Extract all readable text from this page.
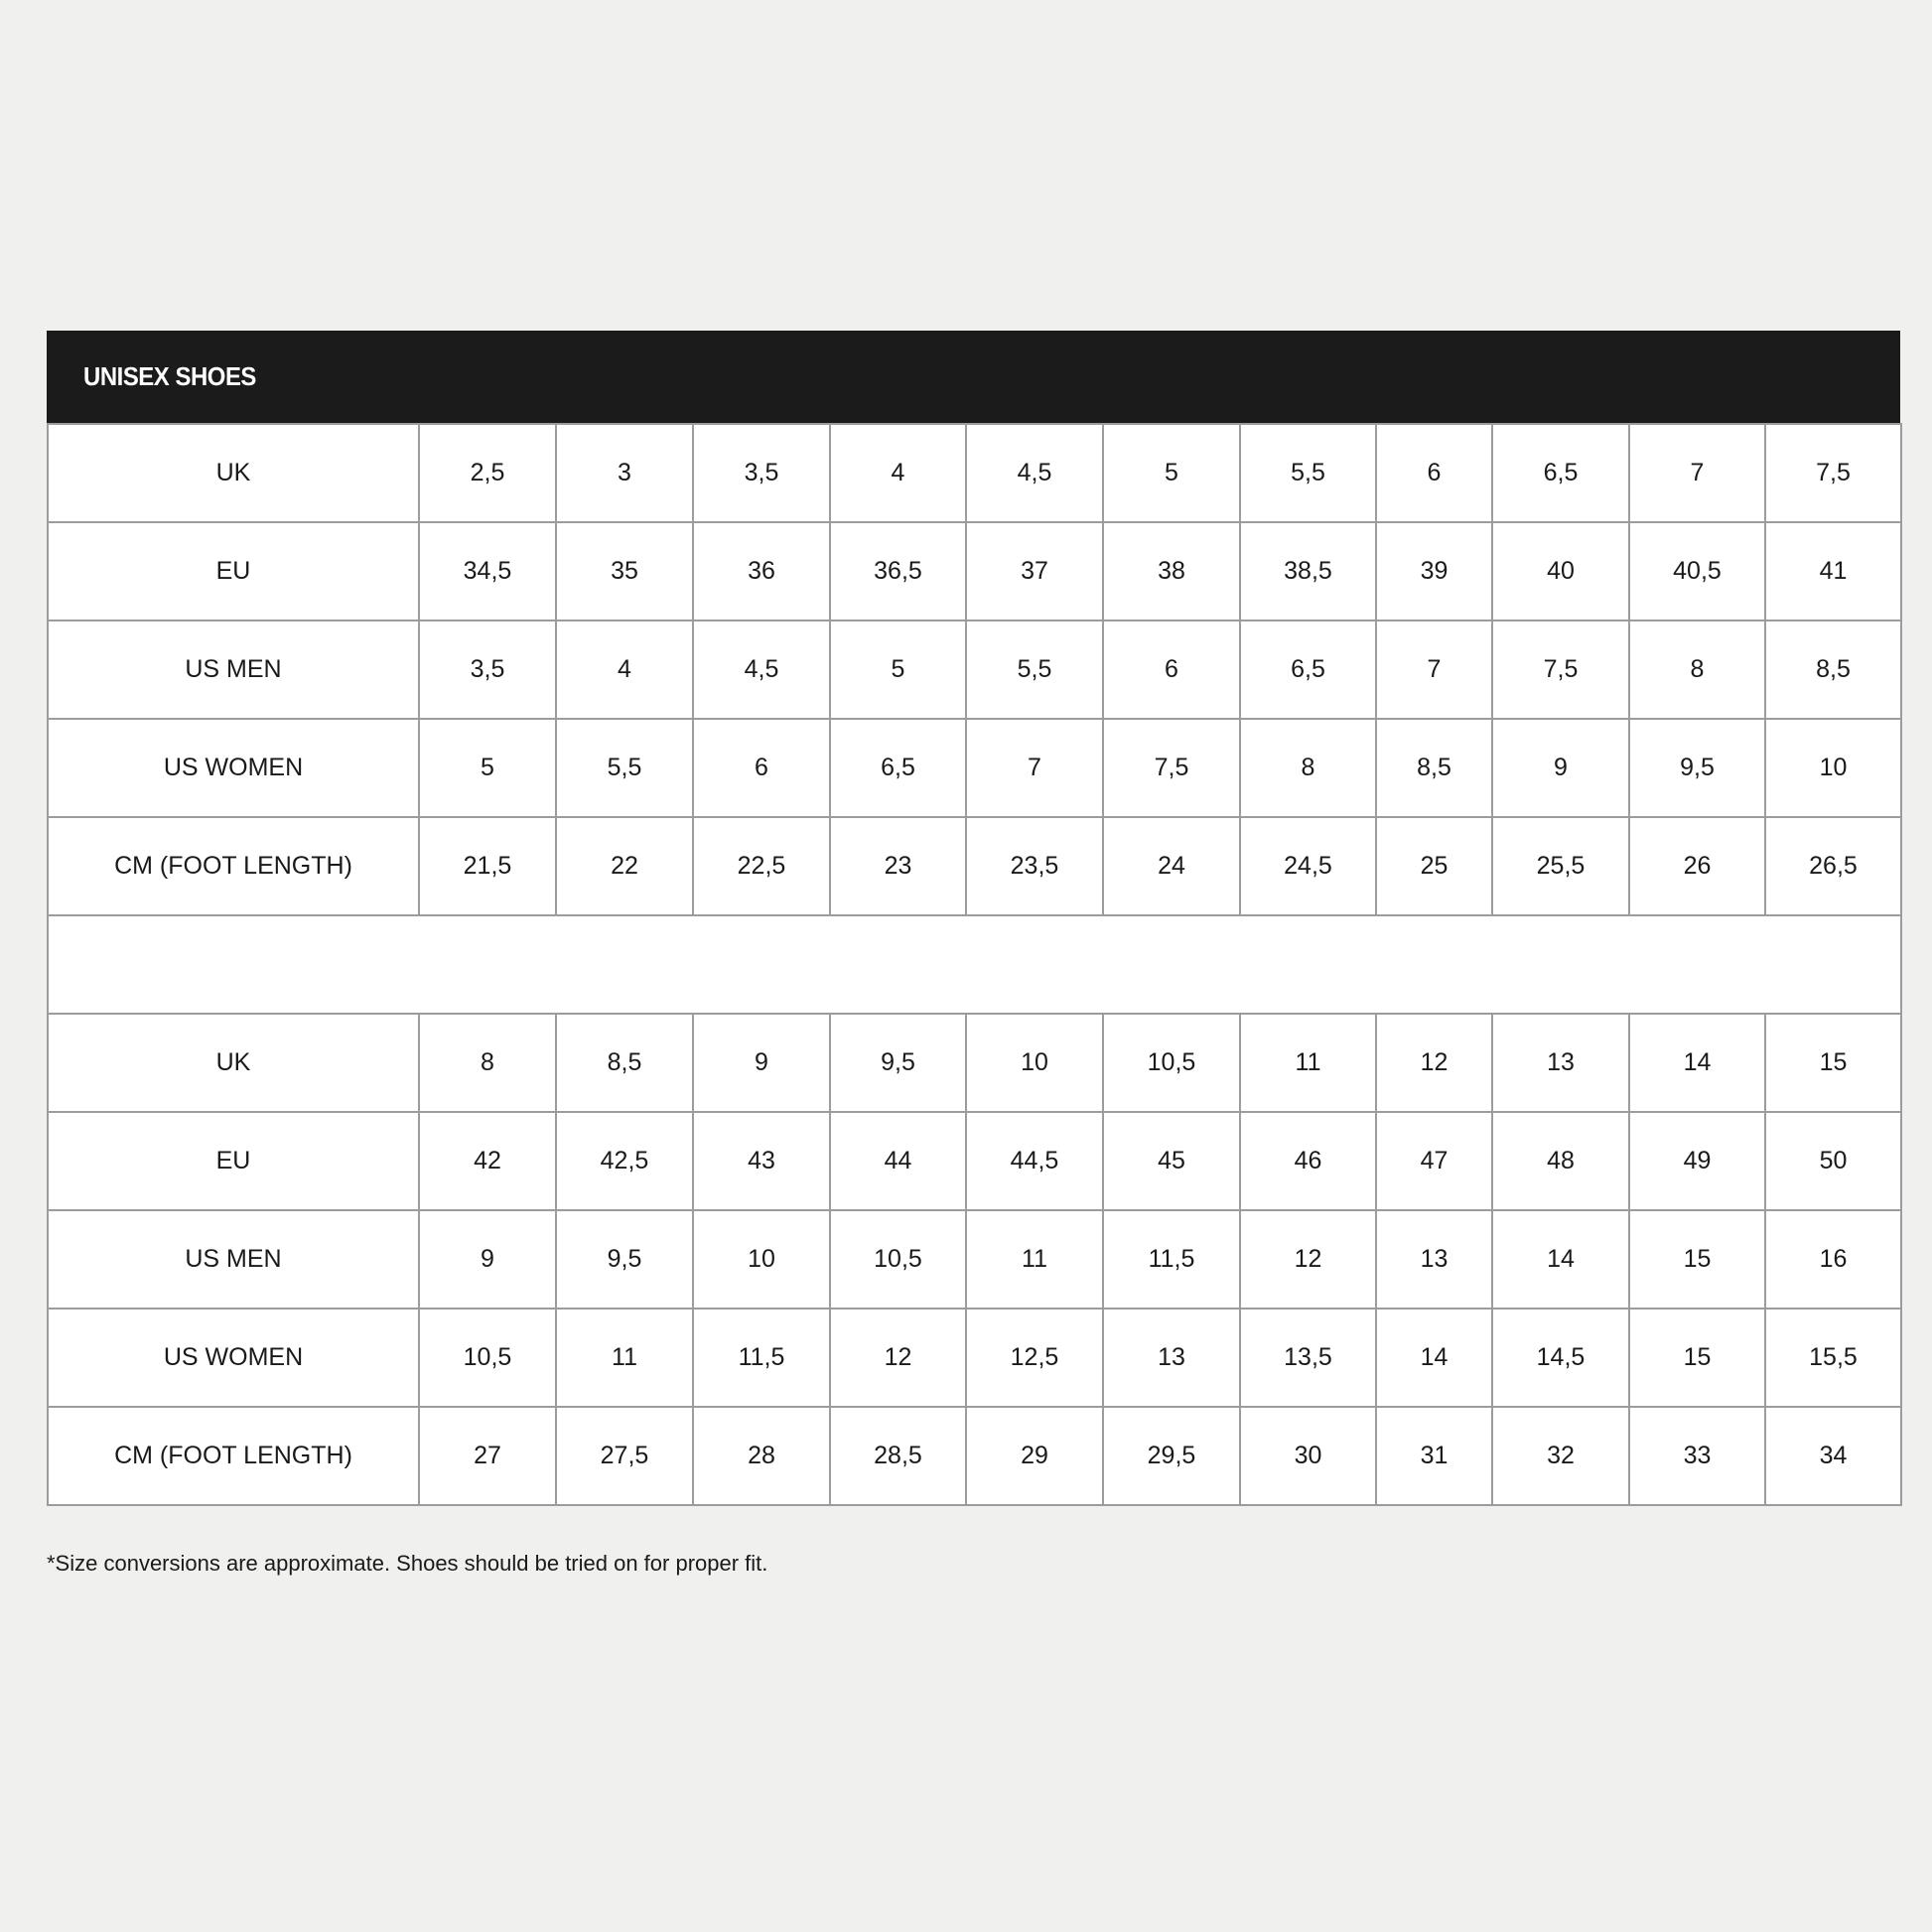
UNISEX SHOES
UK	2,5	3	3,5	4	4,5	5	5,5	6	6,5	7	7,5
EU	34,5	35	36	36,5	37	38	38,5	39	40	40,5	41
US MEN	3,5	4	4,5	5	5,5	6	6,5	7	7,5	8	8,5
US WOMEN	5	5,5	6	6,5	7	7,5	8	8,5	9	9,5	10
CM (FOOT LENGTH)	21,5	22	22,5	23	23,5	24	24,5	25	25,5	26	26,5

UK	8	8,5	9	9,5	10	10,5	11	12	13	14	15
EU	42	42,5	43	44	44,5	45	46	47	48	49	50
US MEN	9	9,5	10	10,5	11	11,5	12	13	14	15	16
US WOMEN	10,5	11	11,5	12	12,5	13	13,5	14	14,5	15	15,5
CM (FOOT LENGTH)	27	27,5	28	28,5	29	29,5	30	31	32	33	34
*Size conversions are approximate. Shoes should be tried on for proper fit.
